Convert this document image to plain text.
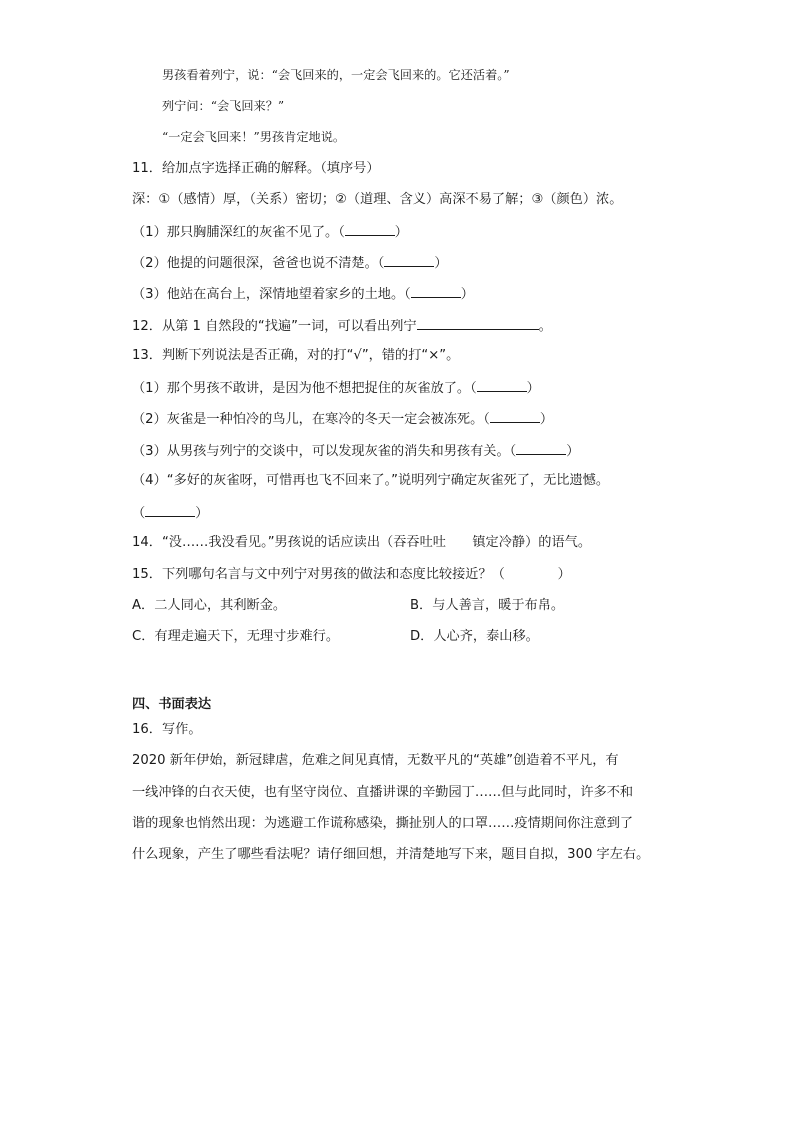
男孩看着列宁，说：“会飞回来的，一定会飞回来的。它还活着。”
列宁问：“会飞回来？”
“一定会飞回来！”男孩肯定地说。
11．给加点字选择正确的解释。（填序号）
深：①（感情）厚，（关系）密切；②（道理、含义）高深不易了解；③（颜色）浓。
（1）那只胸脯深红的灰雀不见了。（	）
（2）他提的问题很深，爸爸也说不清楚。（	）
（3）他站在高台上，深情地望着家乡的土地。（	）
12．从第 1 自然段的“找遍”一词，可以看出列宁	。
13．判断下列说法是否正确，对的打“√”，错的打“×”。
（1）那个男孩不敢讲，是因为他不想把捉住的灰雀放了。（	）
（2）灰雀是一种怕冷的鸟儿，在寒冷的冬天一定会被冻死。（	）
（3）从男孩与列宁的交谈中，可以发现灰雀的消失和男孩有关。（	）
（4）“多好的灰雀呀，可惜再也飞不回来了。”说明列宁确定灰雀死了，无比遗憾。
（	）
14．“没……我没看见。”男孩说的话应读出（吞吞吐吐　　镇定冷静）的语气。
15．下列哪句名言与文中列宁对男孩的做法和态度比较接近？（　　　　）
A．二人同心，其利断金。	B．与人善言，暖于布帛。
C．有理走遍天下，无理寸步难行。	D．人心齐，泰山移。
四、书面表达
16．写作。
2020 新年伊始，新冠肆虐，危难之间见真情，无数平凡的“英雄”创造着不平凡，有
一线冲锋的白衣天使，也有坚守岗位、直播讲课的辛勤园丁……但与此同时，许多不和
谐的现象也悄然出现：为逃避工作谎称感染，撕扯别人的口罩……疫情期间你注意到了
什么现象，产生了哪些看法呢？请仔细回想，并清楚地写下来，题目自拟，300 字左右。
